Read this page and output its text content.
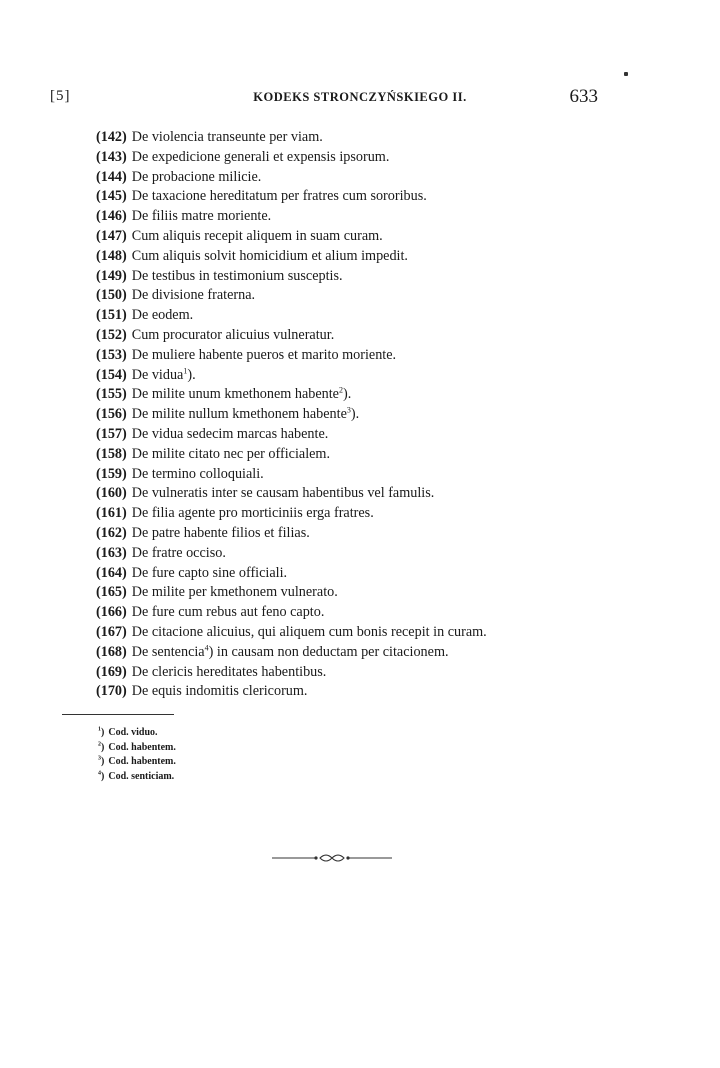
[5]	KODEKS STRONCZYŃSKIEGO II.	633
(142) De violencia transeunte per viam.
(143) De expedicione generali et expensis ipsorum.
(144) De probacione milicie.
(145) De taxacione hereditatum per fratres cum sororibus.
(146) De filiis matre moriente.
(147) Cum aliquis recepit aliquem in suam curam.
(148) Cum aliquis solvit homicidium et alium impedit.
(149) De testibus in testimonium susceptis.
(150) De divisione fraterna.
(151) De eodem.
(152) Cum procurator alicuius vulneratur.
(153) De muliere habente pueros et marito moriente.
(154) De vidua$^1$).
(155) De milite unum kmethonem habente$^2$).
(156) De milite nullum kmethonem habente$^3$).
(157) De vidua sedecim marcas habente.
(158) De milite citato nec per officialem.
(159) De termino colloquiali.
(160) De vulneratis inter se causam habentibus vel famulis.
(161) De filia agente pro morticiniis erga fratres.
(162) De patre habente filios et filias.
(163) De fratre occiso.
(164) De fure capto sine officiali.
(165) De milite per kmethonem vulnerato.
(166) De fure cum rebus aut feno capto.
(167) De citacione alicuius, qui aliquem cum bonis recepit in curam.
(168) De sentencia$^4$) in causam non deductam per citacionem.
(169) De clericis hereditates habentibus.
(170) De equis indomitis clericorum.
$^1$) Cod. viduo.
$^2$) Cod. habentem.
$^3$) Cod. habentem.
$^4$) Cod. senticiam.
